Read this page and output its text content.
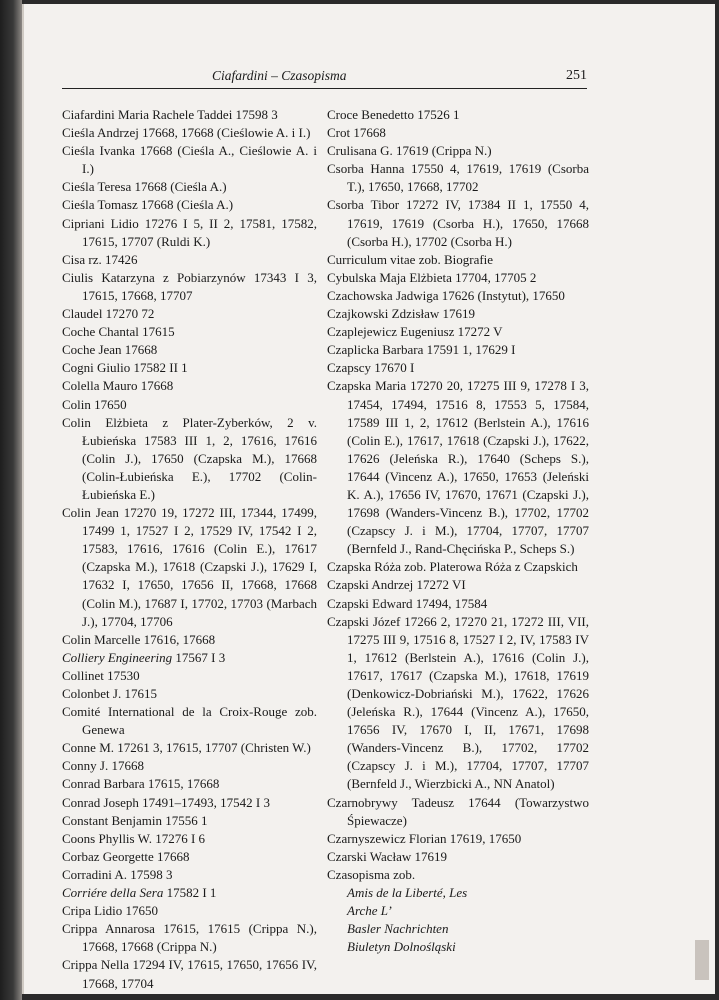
Ciafardini – Czasopisma	251
Ciafardini Maria Rachele Taddei 17598 3
Cieśla Andrzej 17668, 17668 (Cieślowie A. i I.)
Cieśla Ivanka 17668 (Cieśla A., Cieślowie A. i I.)
Cieśla Teresa 17668 (Cieśla A.)
Cieśla Tomasz 17668 (Cieśla A.)
Cipriani Lidio 17276 I 5, II 2, 17581, 17582, 17615, 17707 (Ruldi K.)
Cisa rz. 17426
Ciulis Katarzyna z Pobiarzynów 17343 I 3, 17615, 17668, 17707
Claudel 17270 72
Coche Chantal 17615
Coche Jean 17668
Cogni Giulio 17582 II 1
Colella Mauro 17668
Colin 17650
Colin Elżbieta z Plater-Zyberków, 2 v. Łubieńska 17583 III 1, 2, 17616, 17616 (Colin J.), 17650 (Czapska M.), 17668 (Colin-Łubieńska E.), 17702 (Colin-Łubieńska E.)
Colin Jean 17270 19, 17272 III, 17344, 17499, 17499 1, 17527 I 2, 17529 IV, 17542 I 2, 17583, 17616, 17616 (Colin E.), 17617 (Czapska M.), 17618 (Czapski J.), 17629 I, 17632 I, 17650, 17656 II, 17668, 17668 (Colin M.), 17687 I, 17702, 17703 (Marbach J.), 17704, 17706
Colin Marcelle 17616, 17668
Colliery Engineering 17567 I 3
Collinet 17530
Colonbet J. 17615
Comité International de la Croix-Rouge zob. Genewa
Conne M. 17261 3, 17615, 17707 (Christen W.)
Conny J. 17668
Conrad Barbara 17615, 17668
Conrad Joseph 17491–17493, 17542 I 3
Constant Benjamin 17556 1
Coons Phyllis W. 17276 I 6
Corbaz Georgette 17668
Corradini A. 17598 3
Corriére della Sera 17582 I 1
Cripa Lidio 17650
Crippa Annarosa 17615, 17615 (Crippa N.), 17668, 17668 (Crippa N.)
Crippa Nella 17294 IV, 17615, 17650, 17656 IV, 17668, 17704
Croce Benedetto 17526 1
Crot 17668
Crulisana G. 17619 (Crippa N.)
Csorba Hanna 17550 4, 17619, 17619 (Csorba T.), 17650, 17668, 17702
Csorba Tibor 17272 IV, 17384 II 1, 17550 4, 17619, 17619 (Csorba H.), 17650, 17668 (Csorba H.), 17702 (Csorba H.)
Curriculum vitae zob. Biografie
Cybulska Maja Elżbieta 17704, 17705 2
Czachowska Jadwiga 17626 (Instytut), 17650
Czajkowski Zdzisław 17619
Czaplejewicz Eugeniusz 17272 V
Czaplicka Barbara 17591 1, 17629 I
Czapscy 17670 I
Czapska Maria 17270 20, 17275 III 9, 17278 I 3, 17454, 17494, 17516 8, 17553 5, 17584, 17589 III 1, 2, 17612 (Berlstein A.), 17616 (Colin E.), 17617, 17618 (Czapski J.), 17622, 17626 (Jeleńska R.), 17640 (Scheps S.), 17644 (Vincenz A.), 17650, 17653 (Jeleński K. A.), 17656 IV, 17670, 17671 (Czapski J.), 17698 (Wanders-Vincenz B.), 17702, 17702 (Czapscy J. i M.), 17704, 17707, 17707 (Bernfeld J., Rand-Chęcińska P., Scheps S.)
Czapska Róża zob. Platerowa Róża z Czapskich
Czapski Andrzej 17272 VI
Czapski Edward 17494, 17584
Czapski Józef 17266 2, 17270 21, 17272 III, VII, 17275 III 9, 17516 8, 17527 I 2, IV, 17583 IV 1, 17612 (Berlstein A.), 17616 (Colin J.), 17617, 17617 (Czapska M.), 17618, 17619 (Denkowicz-Dobriański M.), 17622, 17626 (Jeleńska R.), 17644 (Vincenz A.), 17650, 17656 IV, 17670 I, II, 17671, 17698 (Wanders-Vincenz B.), 17702, 17702 (Czapscy J. i M.), 17704, 17707, 17707 (Bernfeld J., Wierzbicki A., NN Anatol)
Czarnobrywy Tadeusz 17644 (Towarzystwo Śpiewacze)
Czarnyszewicz Florian 17619, 17650
Czarski Wacław 17619
Czasopisma zob.
Amis de la Liberté, Les
Arche L’
Basler Nachrichten
Biuletyn Dolnośląski
